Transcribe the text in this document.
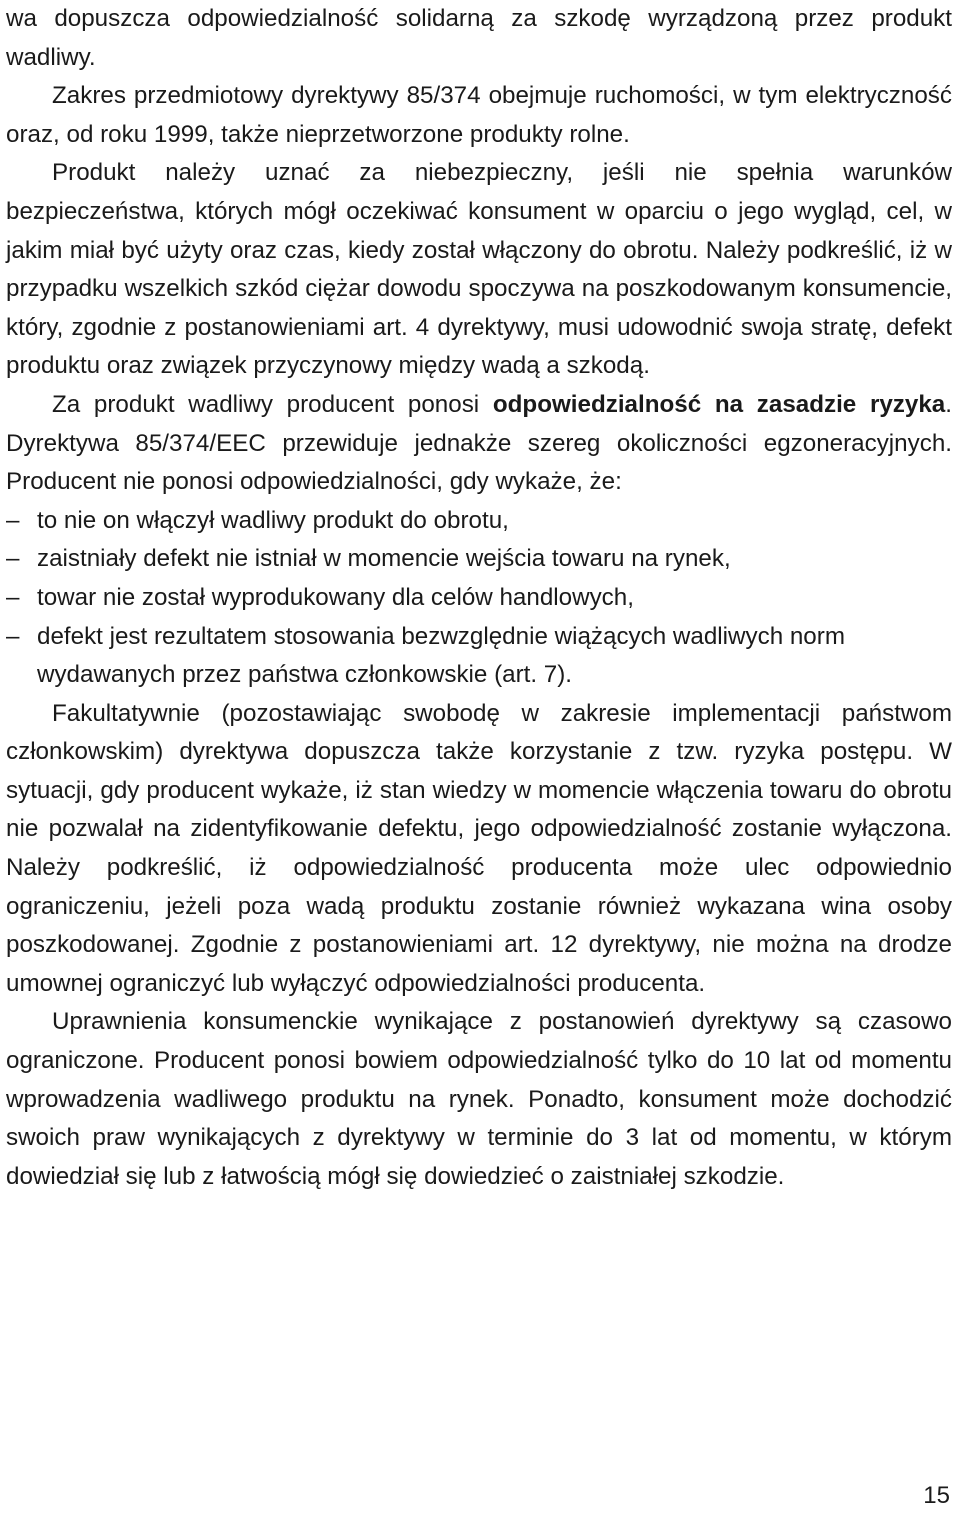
wa dopuszcza odpowiedzialność solidarną za szkodę wyrządzoną przez produkt wadliwy.

Zakres przedmiotowy dyrektywy 85/374 obejmuje ruchomości, w tym elektryczność oraz, od roku 1999, także nieprzetworzone produkty rolne.

Produkt należy uznać za niebezpieczny, jeśli nie spełnia warunków bezpieczeństwa, których mógł oczekiwać konsument w oparciu o jego wygląd, cel, w jakim miał być użyty oraz czas, kiedy został włączony do obrotu. Należy podkreślić, iż w przypadku wszelkich szkód ciężar dowodu spoczywa na poszkodowanym konsumencie, który, zgodnie z postanowieniami art. 4 dyrektywy, musi udowodnić swoja stratę, defekt produktu oraz związek przyczynowy między wadą a szkodą.

Za produkt wadliwy producent ponosi odpowiedzialność na zasadzie ryzyka. Dyrektywa 85/374/EEC przewiduje jednakże szereg okoliczności egzoneracyjnych. Producent nie ponosi odpowiedzialności, gdy wykaże, że:

– to nie on włączył wadliwy produkt do obrotu,
– zaistniały defekt nie istniał w momencie wejścia towaru na rynek,
– towar nie został wyprodukowany dla celów handlowych,
– defekt jest rezultatem stosowania bezwzględnie wiążących wadliwych norm wydawanych przez państwa członkowskie (art. 7).

Fakultatywnie (pozostawiając swobodę w zakresie implementacji państwom członkowskim) dyrektywa dopuszcza także korzystanie z tzw. ryzyka postępu. W sytuacji, gdy producent wykaże, iż stan wiedzy w momencie włączenia towaru do obrotu nie pozwalał na zidentyfikowanie defektu, jego odpowiedzialność zostanie wyłączona. Należy podkreślić, iż odpowiedzialność producenta może ulec odpowiednio ograniczeniu, jeżeli poza wadą produktu zostanie również wykazana wina osoby poszkodowanej. Zgodnie z postanowieniami art. 12 dyrektywy, nie można na drodze umownej ograniczyć lub wyłączyć odpowiedzialności producenta.

Uprawnienia konsumenckie wynikające z postanowień dyrektywy są czasowo ograniczone. Producent ponosi bowiem odpowiedzialność tylko do 10 lat od momentu wprowadzenia wadliwego produktu na rynek. Ponadto, konsument może dochodzić swoich praw wynikających z dyrektywy w terminie do 3 lat od momentu, w którym dowiedział się lub z łatwością mógł się dowiedzieć o zaistniałej szkodzie.

15
